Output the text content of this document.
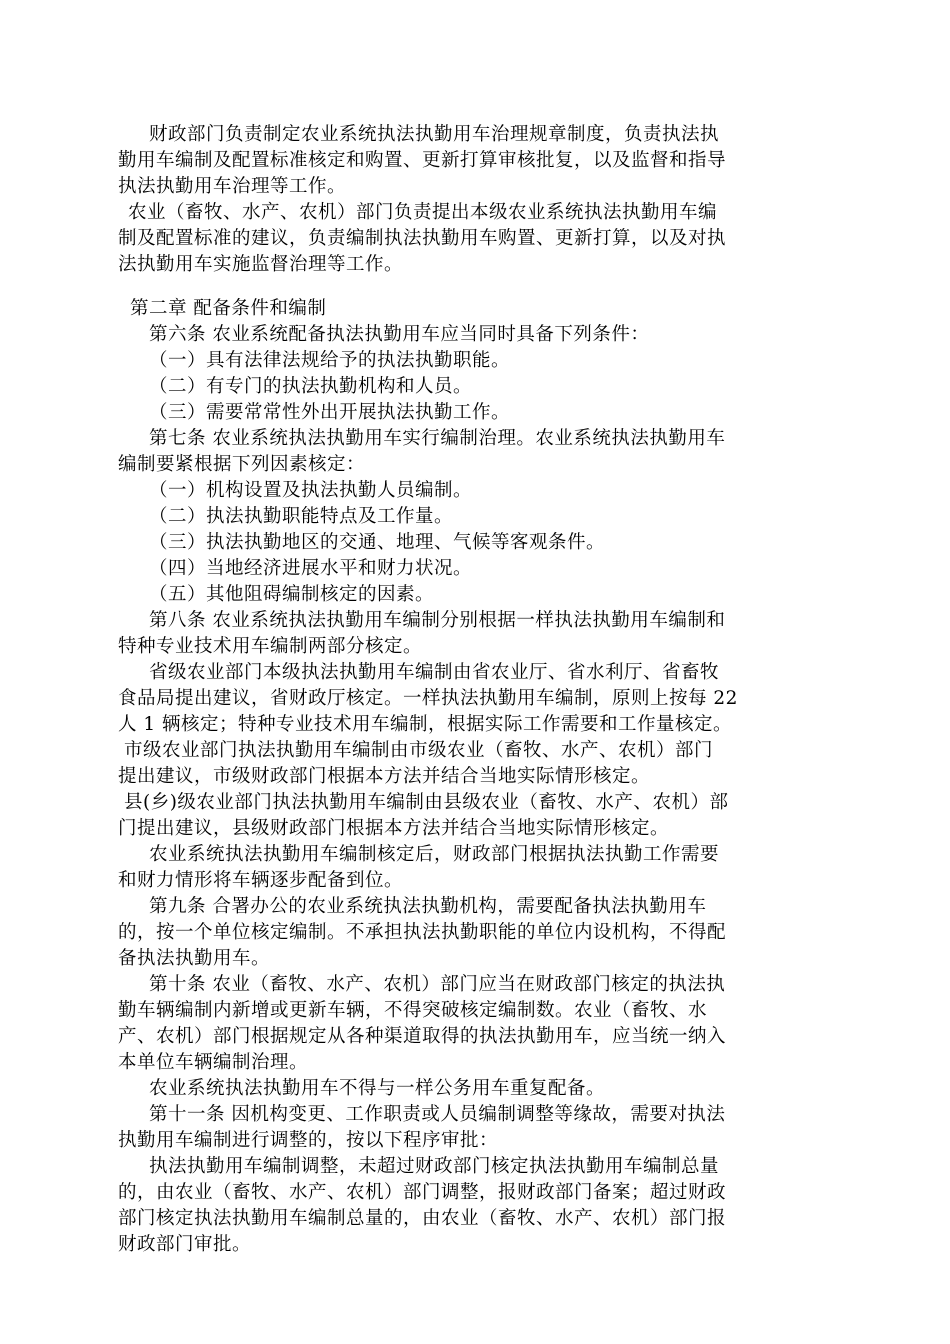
财政部门负责制定农业系统执法执勤用车治理规章制度，负责执法执
勤用车编制及配置标准核定和购置、更新打算审核批复，以及监督和指导
执法执勤用车治理等工作。
农业（畜牧、水产、农机）部门负责提出本级农业系统执法执勤用车编
制及配置标准的建议，负责编制执法执勤用车购置、更新打算，以及对执
法执勤用车实施监督治理等工作。
第二章 配备条件和编制
第六条 农业系统配备执法执勤用车应当同时具备下列条件：
（一）具有法律法规给予的执法执勤职能。
（二）有专门的执法执勤机构和人员。
（三）需要常常性外出开展执法执勤工作。
第七条 农业系统执法执勤用车实行编制治理。农业系统执法执勤用车
编制要紧根据下列因素核定：
（一）机构设置及执法执勤人员编制。
（二）执法执勤职能特点及工作量。
（三）执法执勤地区的交通、地理、气候等客观条件。
（四）当地经济进展水平和财力状况。
（五）其他阻碍编制核定的因素。
第八条 农业系统执法执勤用车编制分别根据一样执法执勤用车编制和
特种专业技术用车编制两部分核定。
省级农业部门本级执法执勤用车编制由省农业厅、省水利厅、省畜牧
食品局提出建议，省财政厅核定。一样执法执勤用车编制，原则上按每 22
人 1 辆核定；特种专业技术用车编制，根据实际工作需要和工作量核定。
市级农业部门执法执勤用车编制由市级农业（畜牧、水产、农机）部门
提出建议，市级财政部门根据本方法并结合当地实际情形核定。
县(乡)级农业部门执法执勤用车编制由县级农业（畜牧、水产、农机）部
门提出建议，县级财政部门根据本方法并结合当地实际情形核定。
农业系统执法执勤用车编制核定后，财政部门根据执法执勤工作需要
和财力情形将车辆逐步配备到位。
第九条 合署办公的农业系统执法执勤机构，需要配备执法执勤用车
的，按一个单位核定编制。不承担执法执勤职能的单位内设机构，不得配
备执法执勤用车。
第十条 农业（畜牧、水产、农机）部门应当在财政部门核定的执法执
勤车辆编制内新增或更新车辆，不得突破核定编制数。农业（畜牧、水
产、农机）部门根据规定从各种渠道取得的执法执勤用车，应当统一纳入
本单位车辆编制治理。
农业系统执法执勤用车不得与一样公务用车重复配备。
第十一条 因机构变更、工作职责或人员编制调整等缘故，需要对执法
执勤用车编制进行调整的，按以下程序审批：
执法执勤用车编制调整，未超过财政部门核定执法执勤用车编制总量
的，由农业（畜牧、水产、农机）部门调整，报财政部门备案；超过财政
部门核定执法执勤用车编制总量的，由农业（畜牧、水产、农机）部门报
财政部门审批。
